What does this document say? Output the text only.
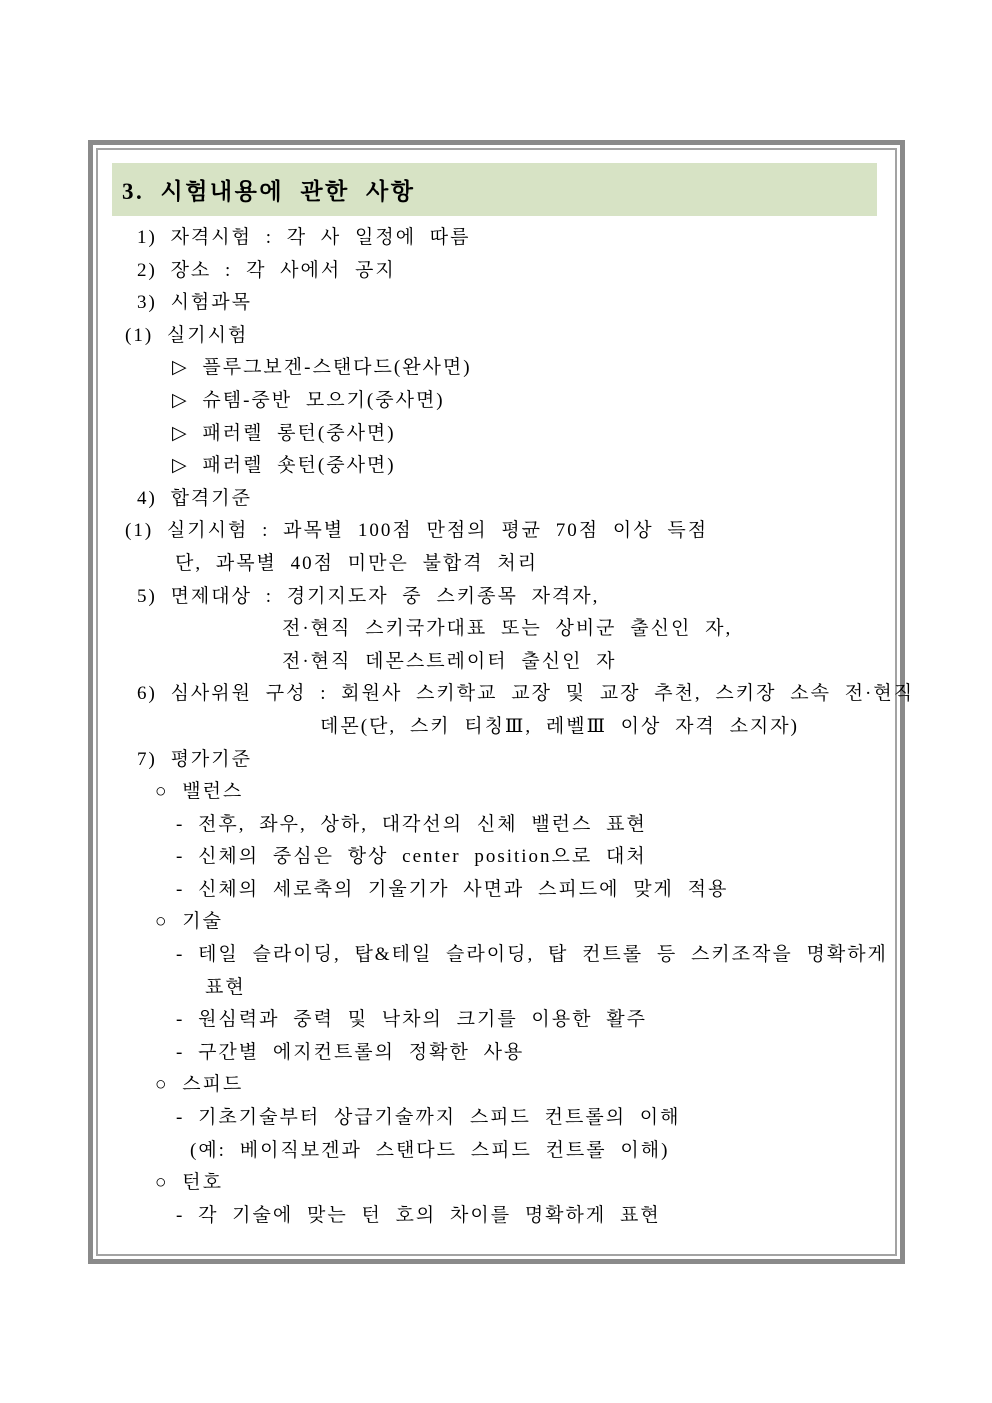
3. 시험내용에 관한 사항
1) 자격시험 : 각 사 일정에 따름
2) 장소 : 각 사에서 공지
3) 시험과목
(1) 실기시험
▷ 플루그보겐-스탠다드(완사면)
▷ 슈템-중반 모으기(중사면)
▷ 패러렐 롱턴(중사면)
▷ 패러렐 숏턴(중사면)
4) 합격기준
(1) 실기시험 : 과목별 100점 만점의 평균 70점 이상 득점
단, 과목별 40점 미만은 불합격 처리
5) 면제대상 : 경기지도자 중 스키종목 자격자,
전·현직 스키국가대표 또는 상비군 출신인 자,
전·현직 데몬스트레이터 출신인 자
6) 심사위원 구성 : 회원사 스키학교 교장 및 교장 추천, 스키장 소속 전·현직
데몬(단, 스키 티칭Ⅲ, 레벨Ⅲ 이상 자격 소지자)
7) 평가기준
○ 밸런스
- 전후, 좌우, 상하, 대각선의 신체 밸런스 표현
- 신체의 중심은 항상 center position으로 대처
- 신체의 세로축의 기울기가 사면과 스피드에 맞게 적용
○ 기술
- 테일 슬라이딩, 탑&테일 슬라이딩, 탑 컨트롤 등 스키조작을 명확하게
표현
- 원심력과 중력 및 낙차의 크기를 이용한 활주
- 구간별 에지컨트롤의 정확한 사용
○ 스피드
- 기초기술부터 상급기술까지 스피드 컨트롤의 이해
(예: 베이직보겐과 스탠다드 스피드 컨트롤 이해)
○ 턴호
- 각 기술에 맞는 턴 호의 차이를 명확하게 표현
